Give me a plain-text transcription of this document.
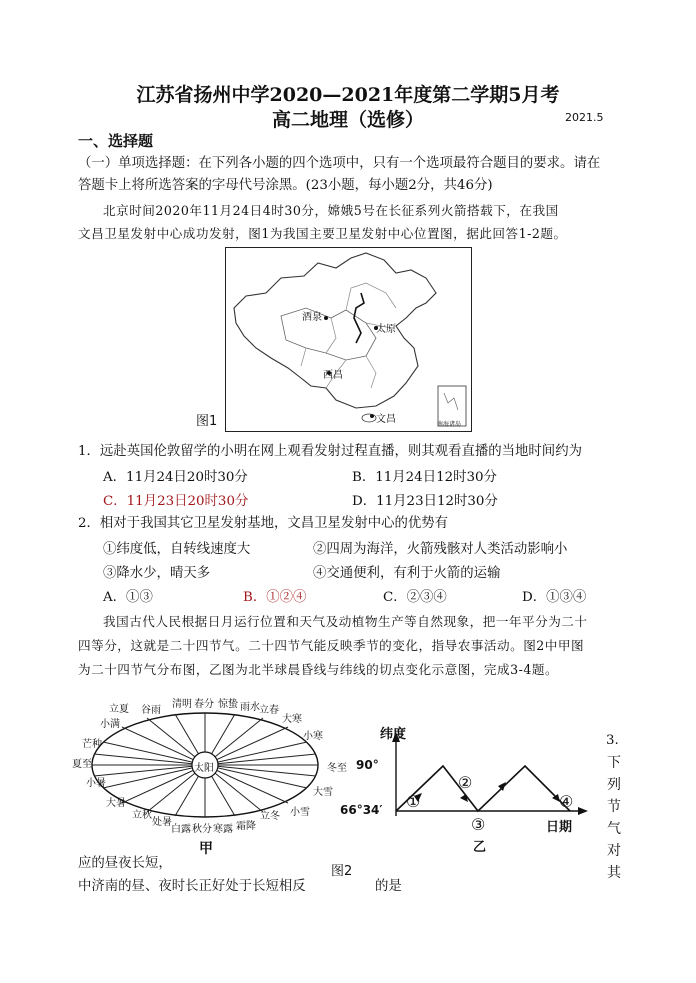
江苏省扬州中学2020—2021年度第二学期5月考
高二地理（选修）	2021.5
一、选择题
（一）单项选择题：在下列各小题的四个选项中，只有一个选项最符合题目的要求。请在
答题卡上将所选答案的字母代号涂黑。(23小题，每小题2分，共46分)
北京时间2020年11月24日4时30分，嫦娥5号在长征系列火箭搭载下，在我国
文昌卫星发射中心成功发射，图1为我国主要卫星发射中心位置图，据此回答1-2题。
酒泉
太原
西昌
文昌	南海诸岛
图1
1．远赴英国伦敦留学的小明在网上观看发射过程直播，则其观看直播的当地时间约为
A．11月24日20时30分	B．11月24日12时30分
C．11月23日20时30分	D．11月23日12时30分
2．相对于我国其它卫星发射基地，文昌卫星发射中心的优势有
①纬度低，自转线速度大	②四周为海洋，火箭残骸对人类活动影响小
③降水少，晴天多	④交通便利，有利于火箭的运输
A．①③	B．①②④	C．②③④	D．①③④
我国古代人民根据日月运行位置和天气及动植物生产等自然现象，把一年平分为二十
四等分，这就是二十四节气。二十四节气能反映季节的变化，指导农事活动。图2中甲图
为二十四节气分布图，乙图为北半球晨昏线与纬线的切点变化示意图，完成3-4题。
太阳
立夏 谷雨
清明 春分 惊蛰 雨水 立春
大寒
小寒
冬至
大雪
小雪
立冬
霜降
寒露
秋分
白露
处暑
立秋
大暑
小暑
夏至
芒种
小满
甲
纬度
日期
90°
66°34′ ①
②
③
④
乙
图2
3.
下
列
节
气
对
其
应的昼夜长短，
中济南的昼、夜时长正好处于长短相反	的是
